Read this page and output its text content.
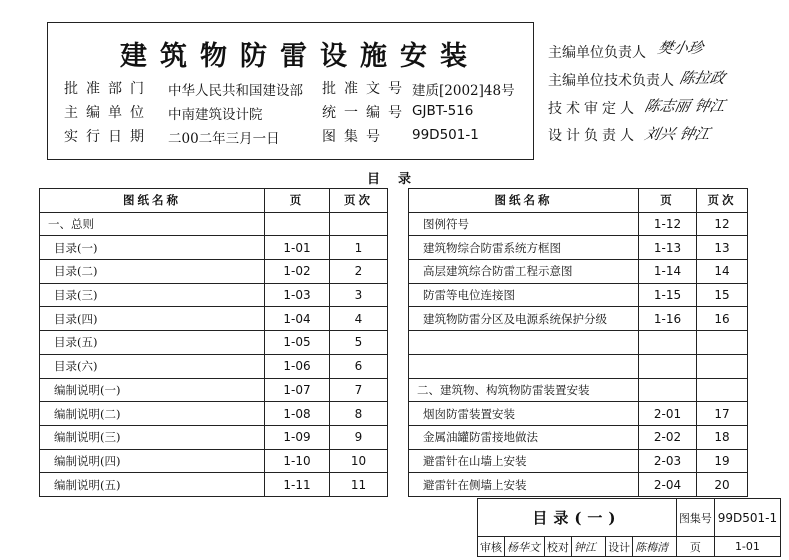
建筑物防雷设施安装
批准部门 中华人民共和国建设部 批准文号 建质[2002]48号
主编单位 中南建筑设计院	统一编号 GJBT-516
实行日期 二00二年三月一日	图集号 99D501-1
主编单位负责人 樊小珍
主编单位技术负责人 陈拉政
技术审定人 陈志丽 钟江
设计负责人 刘兴 钟江
目录
图纸名称	页	页次
一、总则		
目录(一)	1-01	1
目录(二)	1-02	2
目录(三)	1-03	3
目录(四)	1-04	4
目录(五)	1-05	5
目录(六)	1-06	6
编制说明(一)	1-07	7
编制说明(二)	1-08	8
编制说明(三)	1-09	9
编制说明(四)	1-10	10
编制说明(五)	1-11	11
图纸名称	页	页次
图例符号	1-12	12
建筑物综合防雷系统方框图	1-13	13
高层建筑综合防雷工程示意图	1-14	14
防雷等电位连接图	1-15	15
建筑物防雷分区及电源系统保护分级	1-16	16

二、建筑物、构筑物防雷装置安装		
烟囱防雷装置安装	2-01	17
金属油罐防雷接地做法	2-02	18
避雷针在山墙上安装	2-03	19
避雷针在侧墙上安装	2-04	20
目录(一)						图集号	99D501-1
审核	杨华文	校对	钟江	设计	陈梅清	页	1-01
